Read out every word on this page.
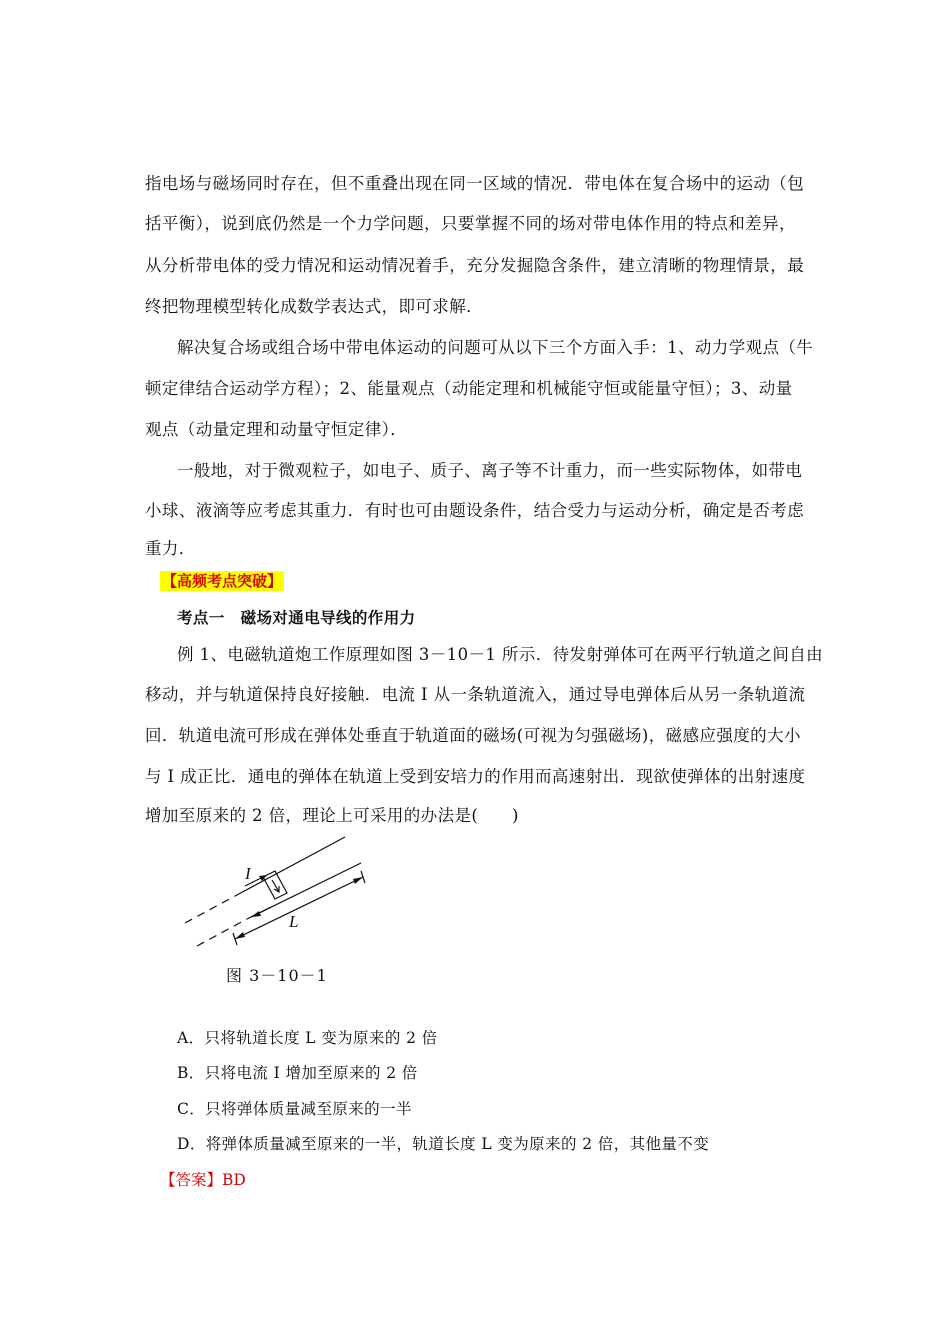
指电场与磁场同时存在，但不重叠出现在同一区域的情况．带电体在复合场中的运动（包
括平衡），说到底仍然是一个力学问题，只要掌握不同的场对带电体作用的特点和差异，
从分析带电体的受力情况和运动情况着手，充分发掘隐含条件，建立清晰的物理情景，最
终把物理模型转化成数学表达式，即可求解．
解决复合场或组合场中带电体运动的问题可从以下三个方面入手：1、动力学观点（牛
顿定律结合运动学方程）；2、能量观点（动能定理和机械能守恒或能量守恒）；3、动量
观点（动量定理和动量守恒定律）．
一般地，对于微观粒子，如电子、质子、离子等不计重力，而一些实际物体，如带电
小球、液滴等应考虑其重力．有时也可由题设条件，结合受力与运动分析，确定是否考虑
重力．
【高频考点突破】
考点一　磁场对通电导线的作用力
例 1、电磁轨道炮工作原理如图 3－10－1 所示．待发射弹体可在两平行轨道之间自由
移动，并与轨道保持良好接触．电流 I 从一条轨道流入，通过导电弹体后从另一条轨道流
回．轨道电流可形成在弹体处垂直于轨道面的磁场(可视为匀强磁场)，磁感应强度的大小
与 I 成正比．通电的弹体在轨道上受到安培力的作用而高速射出．现欲使弹体的出射速度
增加至原来的 2 倍，理论上可采用的办法是(　　)
I
L
图 3－10－1
A．只将轨道长度 L 变为原来的 2 倍
B．只将电流 I 增加至原来的 2 倍
C．只将弹体质量减至原来的一半
D．将弹体质量减至原来的一半，轨道长度 L 变为原来的 2 倍，其他量不变
【答案】BD
